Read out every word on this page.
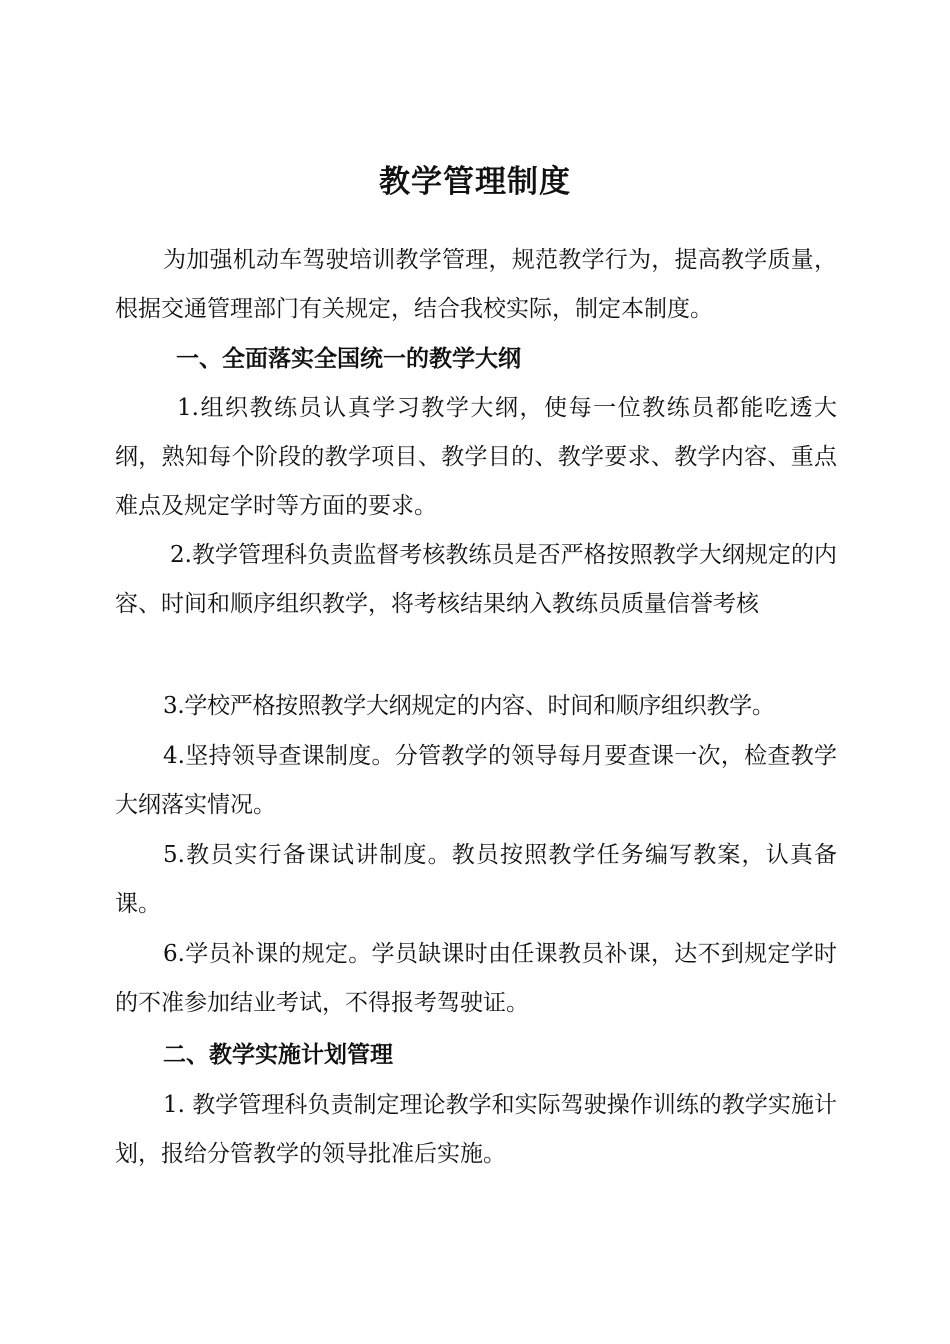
教学管理制度

为加强机动车驾驶培训教学管理，规范教学行为，提高教学质量，根据交通管理部门有关规定，结合我校实际，制定本制度。

一、全面落实全国统一的教学大纲

1.组织教练员认真学习教学大纲，使每一位教练员都能吃透大纲，熟知每个阶段的教学项目、教学目的、教学要求、教学内容、重点难点及规定学时等方面的要求。

2.教学管理科负责监督考核教练员是否严格按照教学大纲规定的内容、时间和顺序组织教学，将考核结果纳入教练员质量信誉考核

3.学校严格按照教学大纲规定的内容、时间和顺序组织教学。

4.坚持领导查课制度。分管教学的领导每月要查课一次，检查教学大纲落实情况。

5.教员实行备课试讲制度。教员按照教学任务编写教案，认真备课。

6.学员补课的规定。学员缺课时由任课教员补课，达不到规定学时的不准参加结业考试，不得报考驾驶证。

二、教学实施计划管理

1. 教学管理科负责制定理论教学和实际驾驶操作训练的教学实施计划，报给分管教学的领导批准后实施。
